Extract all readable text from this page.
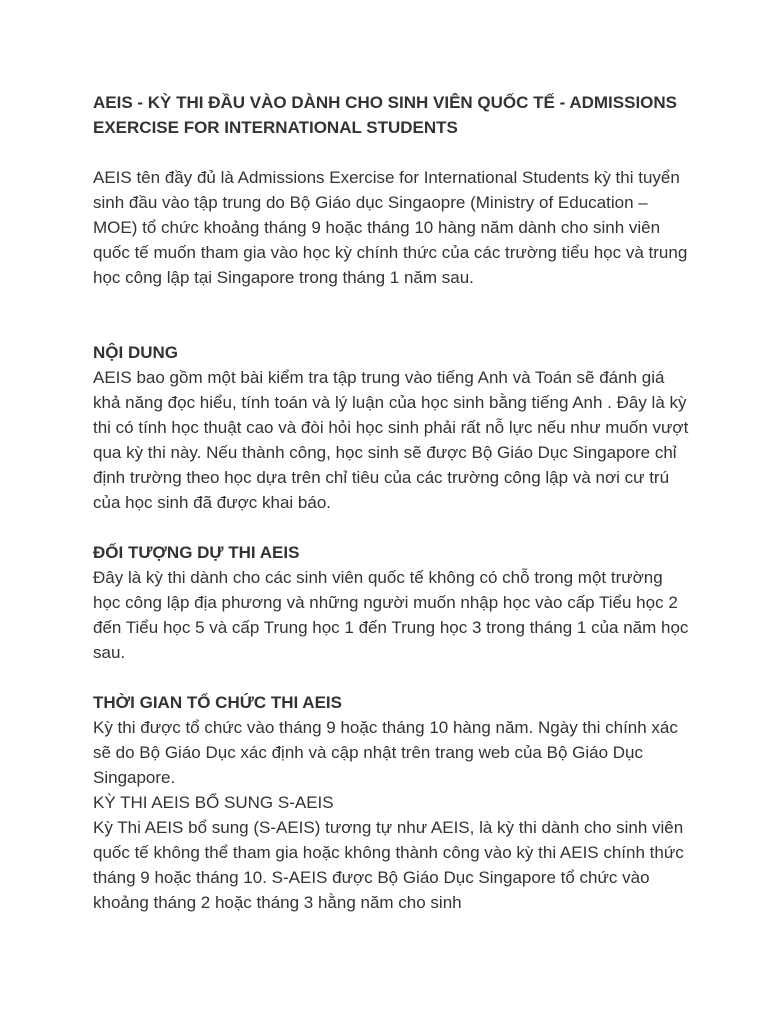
AEIS - KỲ THI ĐẦU VÀO DÀNH CHO SINH VIÊN QUỐC TẾ - ADMISSIONS EXERCISE FOR INTERNATIONAL STUDENTS

AEIS tên đầy đủ là Admissions Exercise for International Students kỳ thi tuyển sinh đầu vào tập trung do Bộ Giáo dục Singaopre (Ministry of Education – MOE) tổ chức khoảng tháng 9 hoặc tháng 10 hàng năm dành cho sinh viên quốc tế muốn tham gia vào học kỳ chính thức của các trường tiểu học và trung học công lập tại Singapore trong tháng 1 năm sau.

NỘI DUNG

AEIS bao gồm một bài kiểm tra tập trung vào tiếng Anh và Toán sẽ đánh giá khả năng đọc hiểu, tính toán và lý luận của học sinh bằng tiếng Anh . Đây là kỳ thi có tính học thuật cao và đòi hỏi học sinh phải rất nỗ lực nếu như muốn vượt qua kỳ thi này. Nếu thành công, học sinh sẽ được Bộ Giáo Dục Singapore chỉ định trường theo học dựa trên chỉ tiêu của các trường công lập và nơi cư trú của học sinh đã được khai báo.

ĐỐI TƯỢNG DỰ THI AEIS

Đây là kỳ thi dành cho các sinh viên quốc tế không có chỗ trong một trường học công lập địa phương và những người muốn nhập học vào cấp Tiểu học 2 đến Tiểu học 5 và cấp Trung học 1 đến Trung học 3 trong tháng 1 của năm học sau.

THỜI GIAN TỔ CHỨC THI AEIS

Kỳ thi được tổ chức vào tháng 9 hoặc tháng 10 hàng năm. Ngày thi chính xác sẽ do Bộ Giáo Dục xác định và cập nhật trên trang web của Bộ Giáo Dục Singapore.

KỲ THI AEIS BỔ SUNG S-AEIS

Kỳ Thi AEIS bổ sung (S-AEIS) tương tự như AEIS, là kỳ thi dành cho sinh viên quốc tế không thể tham gia hoặc không thành công vào kỳ thi AEIS chính thức tháng 9 hoặc tháng 10. S-AEIS được Bộ Giáo Dục Singapore tổ chức vào khoảng tháng 2 hoặc tháng 3 hằng năm cho sinh
